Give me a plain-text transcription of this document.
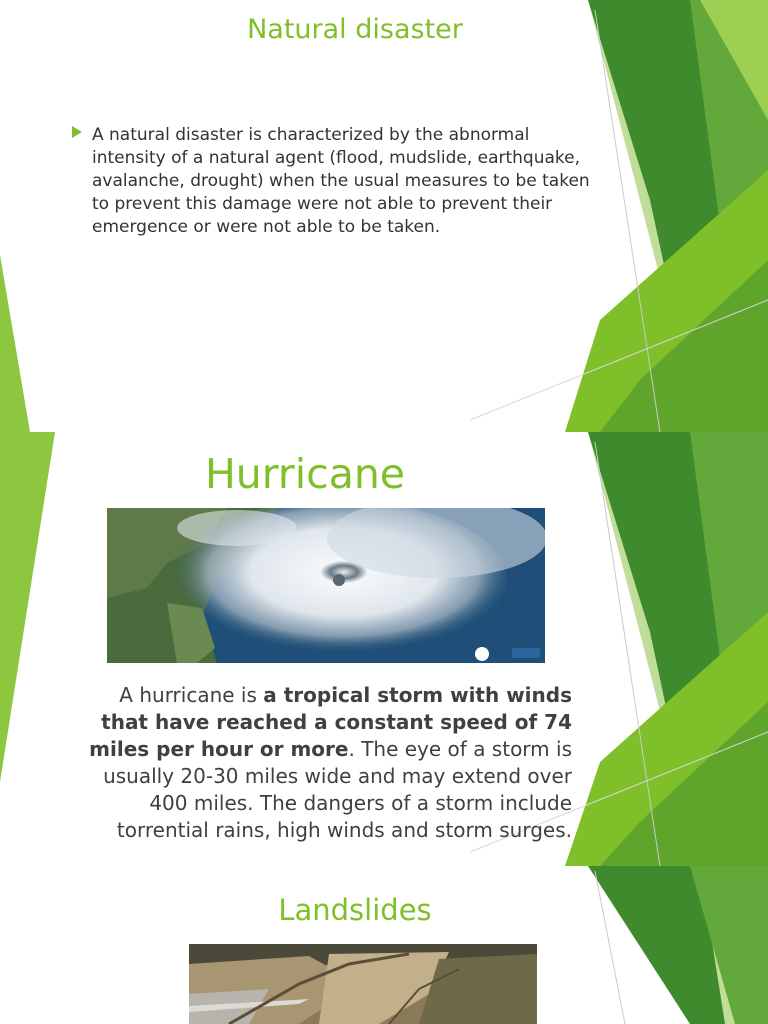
Natural disaster

A natural disaster is characterized by the abnormal intensity of a natural agent (flood, mudslide, earthquake, avalanche, drought) when the usual measures to be taken to prevent this damage were not able to prevent their emergence or were not able to be taken.

Hurricane

A hurricane is a tropical storm with winds that have reached a constant speed of 74 miles per hour or more. The eye of a storm is usually 20-30 miles wide and may extend over 400 miles. The dangers of a storm include torrential rains, high winds and storm surges.

Landslides
